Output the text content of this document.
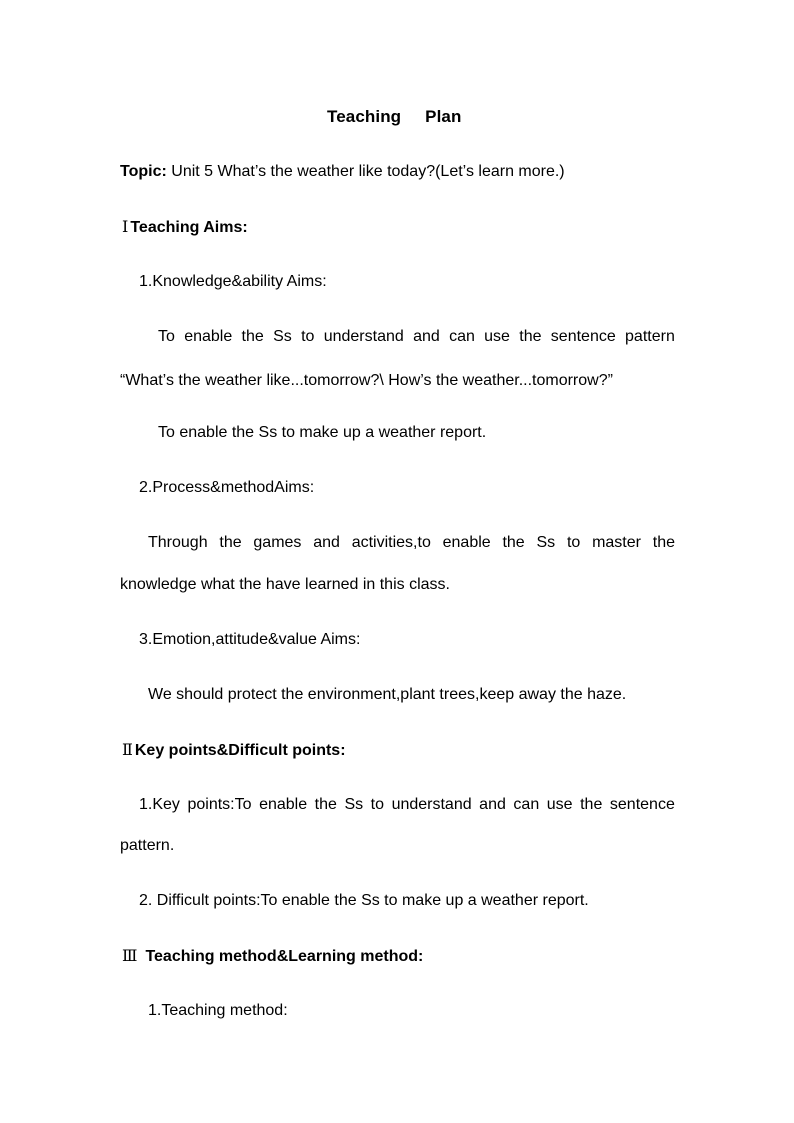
Teaching Plan
Topic: Unit 5 What’s the weather like today?(Let’s learn more.)
Ⅰ Teaching Aims:
1.Knowledge&ability Aims:
To enable the Ss to understand and can use the sentence pattern
“What’s the weather like...tomorrow?\ How’s the weather...tomorrow?”
To enable the Ss to make up a weather report.
2.Process&methodAims:
Through the games and activities,to enable the Ss to master the
knowledge what the have learned in this class.
3.Emotion,attitude&value Aims:
We should protect the environment,plant trees,keep away the haze.
Ⅱ Key points&Difficult points:
1.Key points:To enable the Ss to understand and can use the sentence
pattern.
2. Difficult points:To enable the Ss to make up a weather report.
Ⅲ Teaching method&Learning method:
1.Teaching method:
